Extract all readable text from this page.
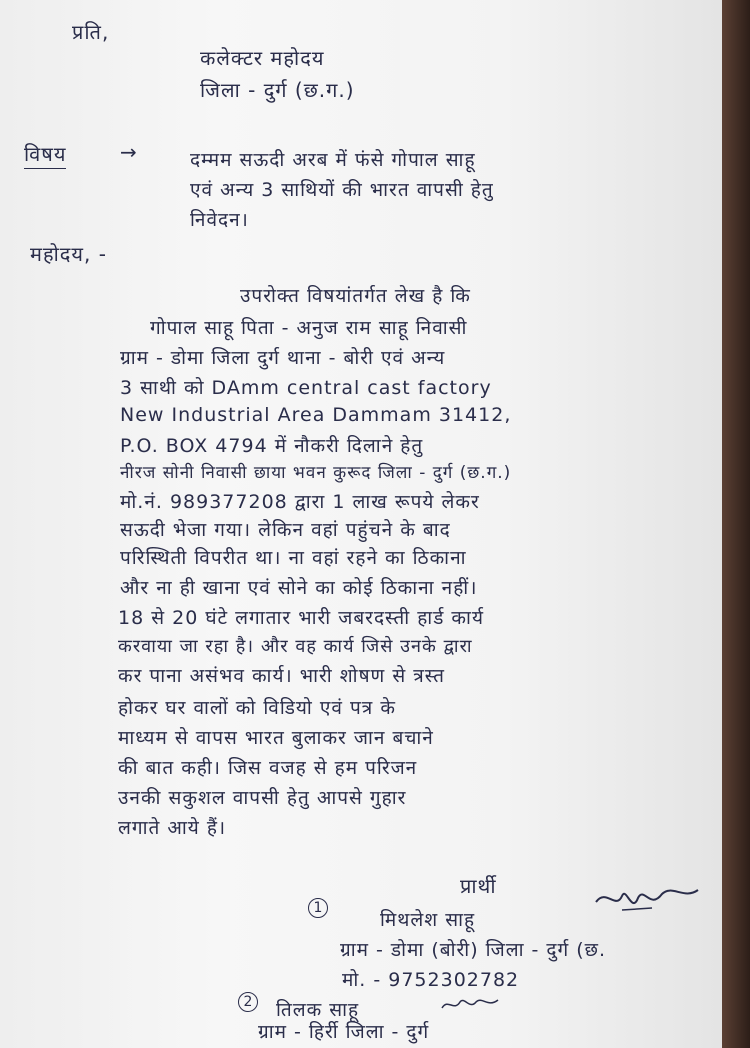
प्रति,
कलेक्टर महोदय
जिला - दुर्ग (छ.ग.)
विषय	→	दम्मम सऊदी अरब में फंसे गोपाल साहू
एवं अन्य 3 साथियों की भारत वापसी हेतु
निवेदन।
महोदय, -
उपरोक्त विषयांतर्गत लेख है कि
गोपाल साहू पिता - अनुज राम साहू निवासी
ग्राम - डोमा जिला दुर्ग थाना - बोरी एवं अन्य
3 साथी को DAmm central cast factory
New Industrial Area Dammam 31412,
P.O. BOX 4794 में नौकरी दिलाने हेतु
नीरज सोनी निवासी छाया भवन कुरूद जिला - दुर्ग (छ.ग.)
मो.नं. 989377208 द्वारा 1 लाख रूपये लेकर
सऊदी भेजा गया। लेकिन वहां पहुंचने के बाद
परिस्थिती विपरीत था। ना वहां रहने का ठिकाना
और ना ही खाना एवं सोने का कोई ठिकाना नहीं।
18 से 20 घंटे लगातार भारी जबरदस्ती हार्ड कार्य
करवाया जा रहा है। और वह कार्य जिसे उनके द्वारा
कर पाना असंभव कार्य। भारी शोषण से त्रस्त
होकर घर वालों को विडियो एवं पत्र के
माध्यम से वापस भारत बुलाकर जान बचाने
की बात कही। जिस वजह से हम परिजन
उनकी सकुशल वापसी हेतु आपसे गुहार
लगाते आये हैं।
प्रार्थी
1
मिथलेश साहू
ग्राम - डोमा (बोरी) जिला - दुर्ग (छ.
मो. - 9752302782
2 तिलक साहू
ग्राम - हिर्री जिला - दुर्ग
